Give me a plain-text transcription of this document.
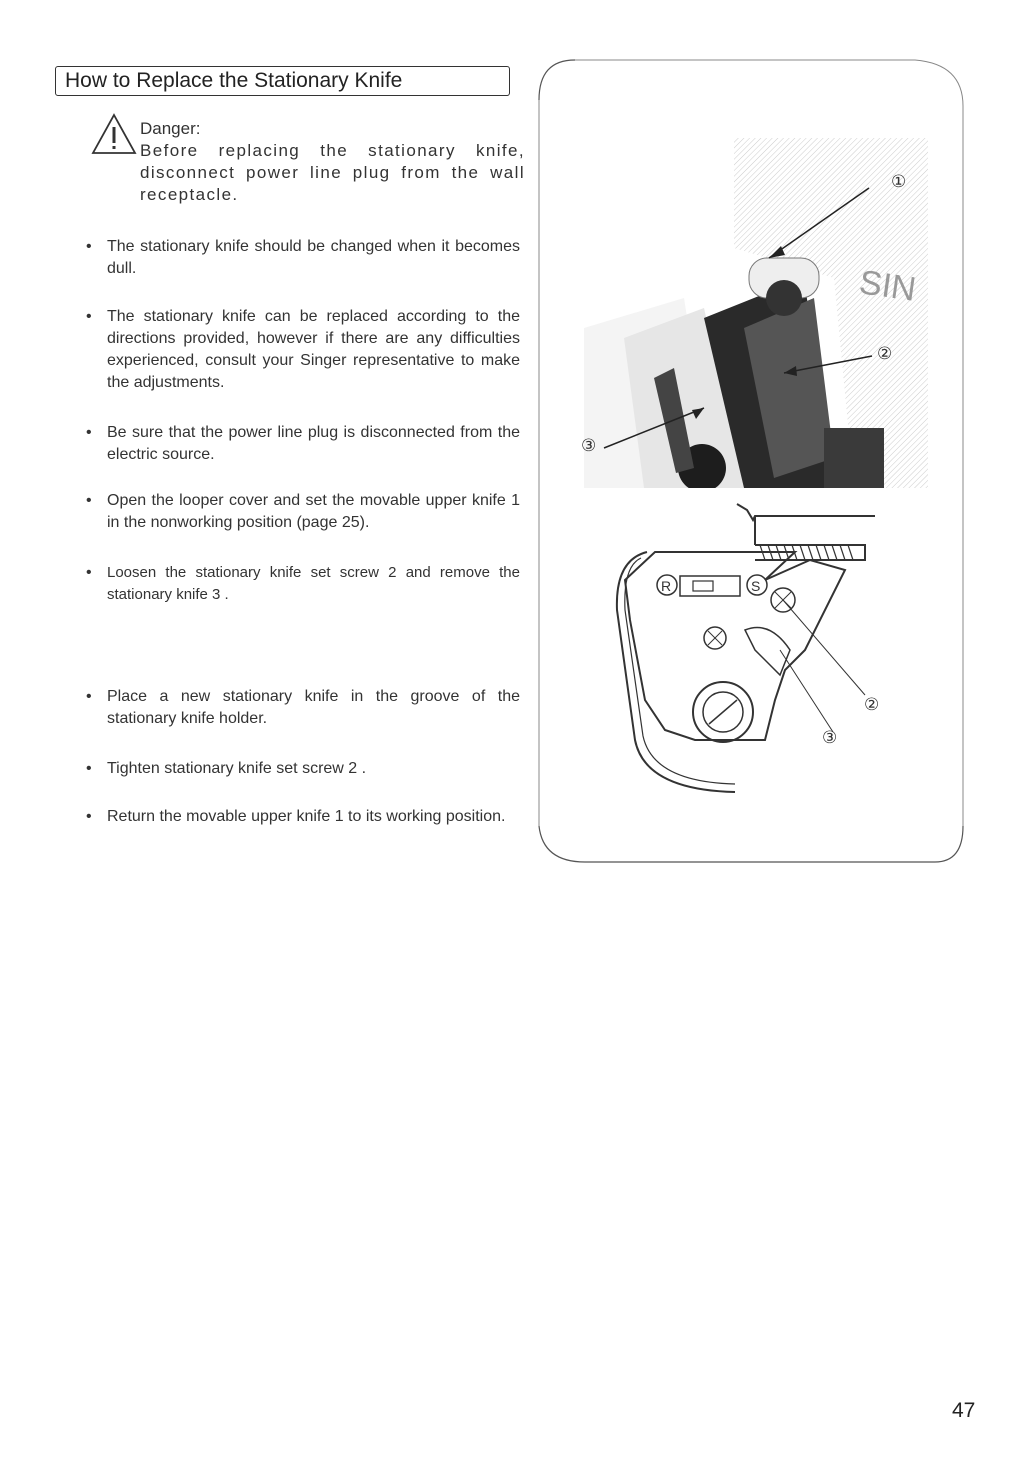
How to Replace the Stationary Knife
Danger:
Before replacing the stationary knife, disconnect power line plug from the wall receptacle.
• The stationary knife should be changed when it becomes dull.
• The stationary knife can be replaced according to the directions provided, however if there are any difficulties experienced, consult your Singer representative to make the adjustments.
• Be sure that the power line plug is disconnected from the electric source.
• Open the looper cover and set the movable upper knife 1 in the nonworking position (page 25).
•	Loosen the stationary knife set screw 2 and remove the stationary knife 3 .
• Place a new stationary knife in the groove of the stationary knife holder.
• Tighten stationary knife set screw 2 .
• Return the movable upper knife 1 to its working position.
SIN
①
②
③
R	S
②
③
47
